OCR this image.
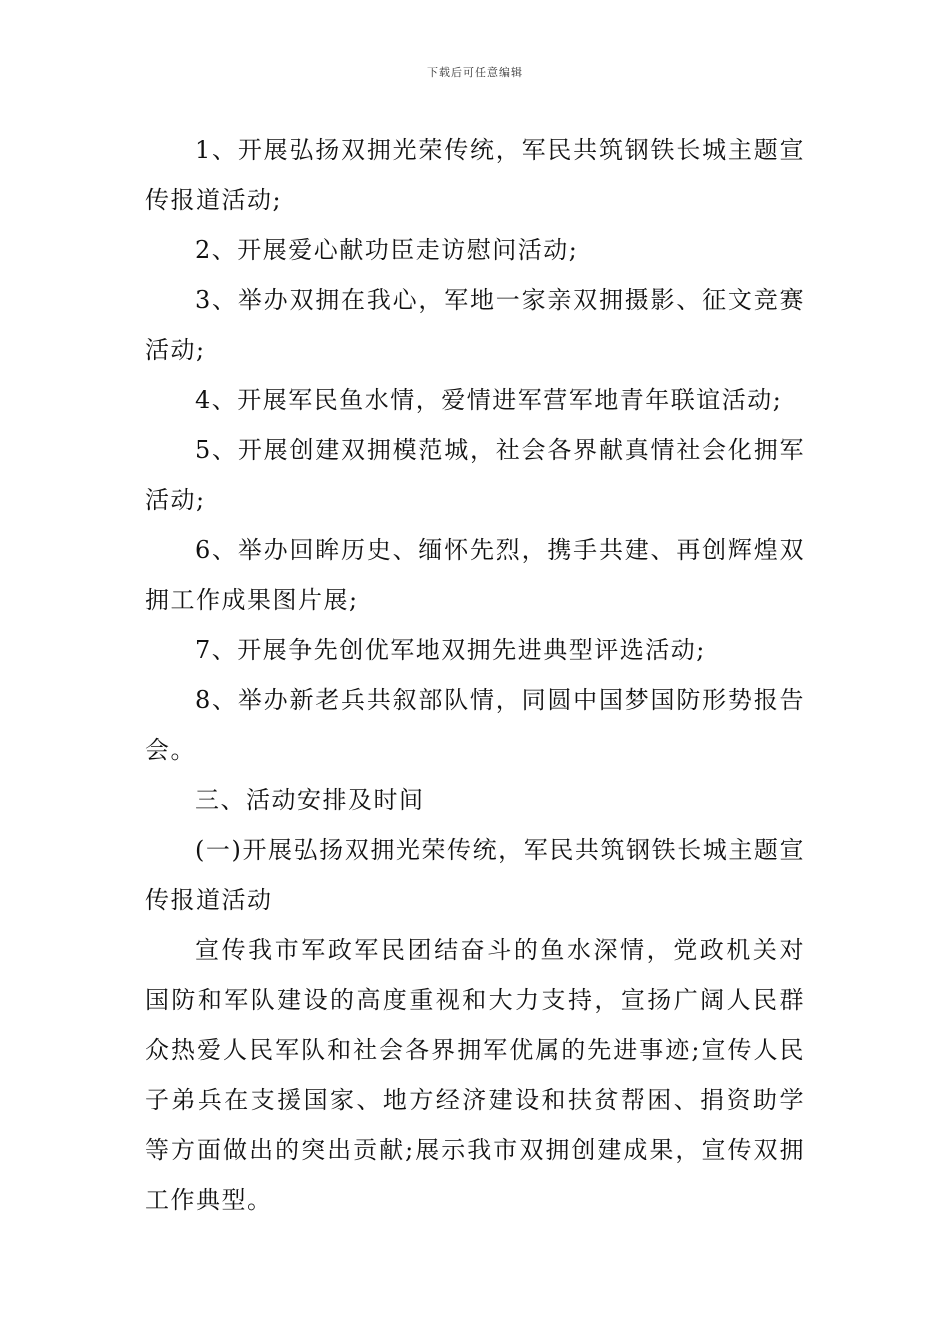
下载后可任意编辑

1、开展弘扬双拥光荣传统，军民共筑钢铁长城主题宣传报道活动;

2、开展爱心献功臣走访慰问活动;

3、举办双拥在我心，军地一家亲双拥摄影、征文竞赛活动;

4、开展军民鱼水情，爱情进军营军地青年联谊活动;

5、开展创建双拥模范城，社会各界献真情社会化拥军活动;

6、举办回眸历史、缅怀先烈，携手共建、再创辉煌双拥工作成果图片展;

7、开展争先创优军地双拥先进典型评选活动;

8、举办新老兵共叙部队情，同圆中国梦国防形势报告会。

三、活动安排及时间

(一)开展弘扬双拥光荣传统，军民共筑钢铁长城主题宣传报道活动

宣传我市军政军民团结奋斗的鱼水深情，党政机关对国防和军队建设的高度重视和大力支持，宣扬广阔人民群众热爱人民军队和社会各界拥军优属的先进事迹;宣传人民子弟兵在支援国家、地方经济建设和扶贫帮困、捐资助学等方面做出的突出贡献;展示我市双拥创建成果，宣传双拥工作典型。
